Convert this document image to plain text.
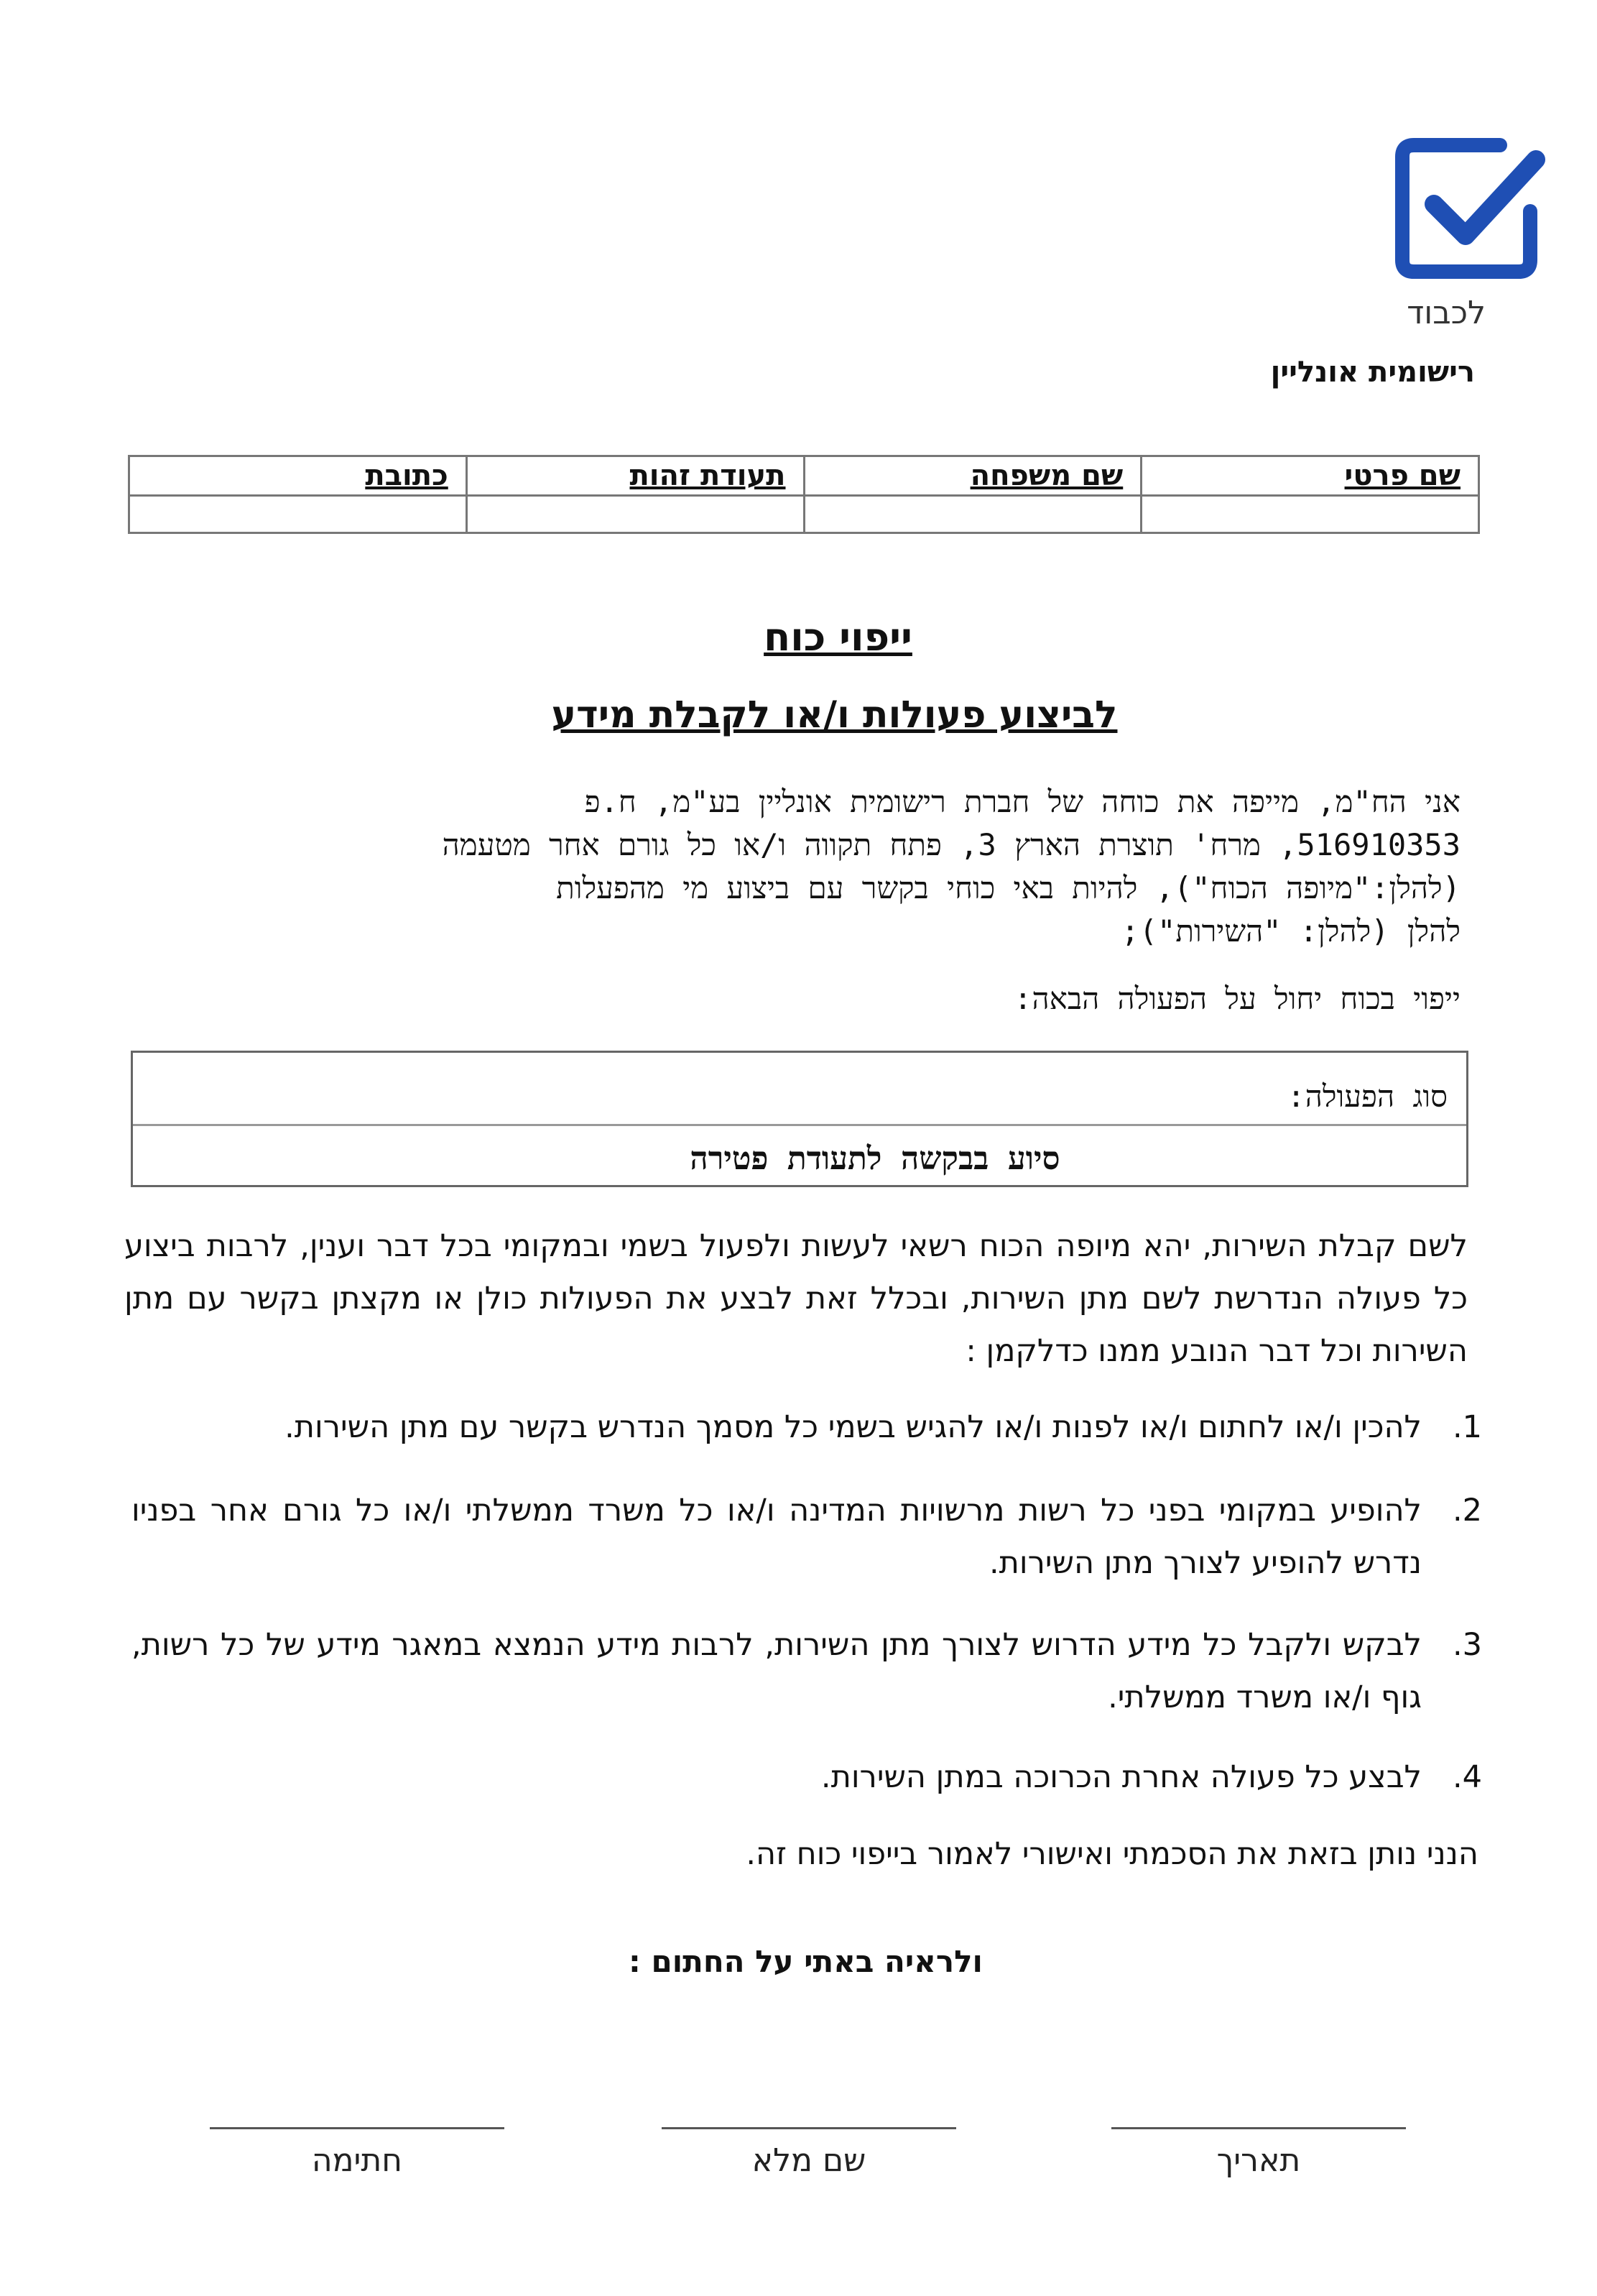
לכבוד
רישומית אונליין
שם פרטי	שם משפחה	תעודת זהות	כתובת

ייפוי כוח
לביצוע פעולות ו/או לקבלת מידע
אני הח"מ, מייפה את כוחה של חברת רישומית אונליין בע"מ, ח.פ
516910353, מרח' תוצרת הארץ 3, פתח תקווה ו/או כל גורם אחר מטעמה
(להלן:"מיופה הכוח"), להיות באי כוחי בקשר עם ביצוע מי מהפעלות
להלן (להלן: "השירות");
ייפוי בכוח יחול על הפעולה הבאה:
סוג הפעולה:
סיוע בבקשה לתעודת פטירה
לשם קבלת השירות, יהא מיופה הכוח רשאי לעשות ולפעול בשמי ובמקומי בכל דבר וענין, לרבות ביצוע כל פעולה הנדרשת לשם מתן השירות, ובכלל זאת לבצע את הפעולות כולן או מקצתן בקשר עם מתן השירות וכל דבר הנובע ממנו כדלקמן :
1.
להכין ו/או לחתום ו/או לפנות ו/או להגיש בשמי כל מסמך הנדרש בקשר עם מתן השירות.
2.
להופיע במקומי בפני כל רשות מרשויות המדינה ו/או כל משרד ממשלתי ו/או כל גורם אחר בפניו נדרש להופיע לצורך מתן השירות.
3.
לבקש ולקבל כל מידע הדרוש לצורך מתן השירות, לרבות מידע הנמצא במאגר מידע של כל רשות, גוף ו/או משרד ממשלתי.
4.
לבצע כל פעולה אחרת הכרוכה במתן השירות.
הנני נותן בזאת את הסכמתי ואישורי לאמור בייפוי כוח זה.
ולראיה באתי על החתום :
תאריך
שם מלא
חתימה
